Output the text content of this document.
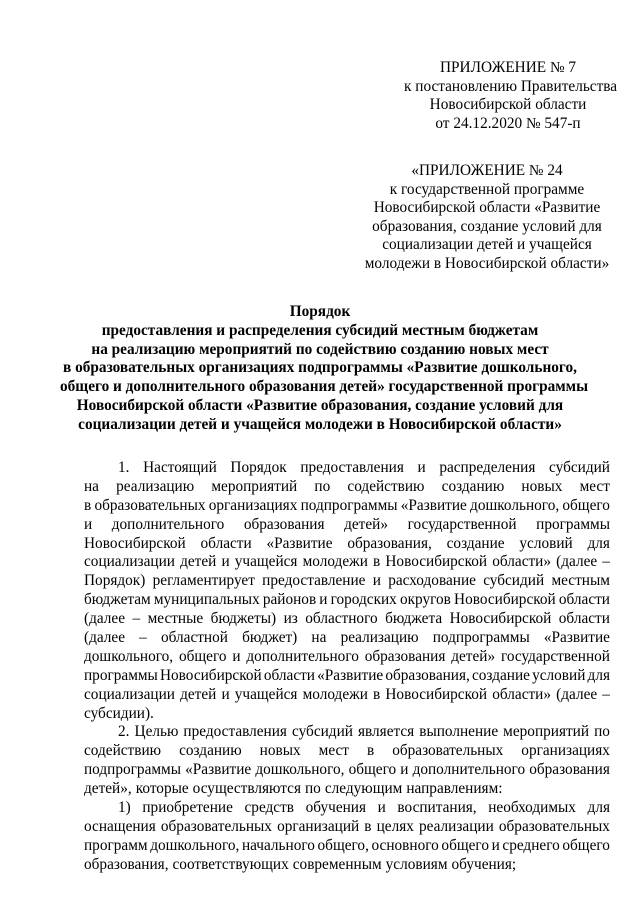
ПРИЛОЖЕНИЕ № 7
к постановлению Правительства
Новосибирской области
от 24.12.2020 № 547-п
«ПРИЛОЖЕНИЕ № 24
к государственной программе
Новосибирской области «Развитие
образования, создание условий для
социализации детей и учащейся
молодежи в Новосибирской области»
Порядок
предоставления и распределения субсидий местным бюджетам
на реализацию мероприятий по содействию созданию новых мест
в образовательных организациях подпрограммы «Развитие дошкольного,
общего и дополнительного образования детей» государственной программы
Новосибирской области «Развитие образования, создание условий для
социализации детей и учащейся молодежи в Новосибирской области»
1. Настоящий Порядок предоставления и распределения субсидий
на реализацию мероприятий по содействию созданию новых мест
в образовательных организациях подпрограммы «Развитие дошкольного, общего
и дополнительного образования детей» государственной программы
Новосибирской области «Развитие образования, создание условий для
социализации детей и учащейся молодежи в Новосибирской области» (далее –
Порядок) регламентирует предоставление и расходование субсидий местным
бюджетам муниципальных районов и городских округов Новосибирской области
(далее – местные бюджеты) из областного бюджета Новосибирской области
(далее – областной бюджет) на реализацию подпрограммы «Развитие
дошкольного, общего и дополнительного образования детей» государственной
программы Новосибирской области «Развитие образования, создание условий для
социализации детей и учащейся молодежи в Новосибирской области» (далее –
субсидии).
2. Целью предоставления субсидий является выполнение мероприятий по
содействию созданию новых мест в образовательных организациях
подпрограммы «Развитие дошкольного, общего и дополнительного образования
детей», которые осуществляются по следующим направлениям:
1) приобретение средств обучения и воспитания, необходимых для
оснащения образовательных организаций в целях реализации образовательных
программ дошкольного, начального общего, основного общего и среднего общего
образования, соответствующих современным условиям обучения;
